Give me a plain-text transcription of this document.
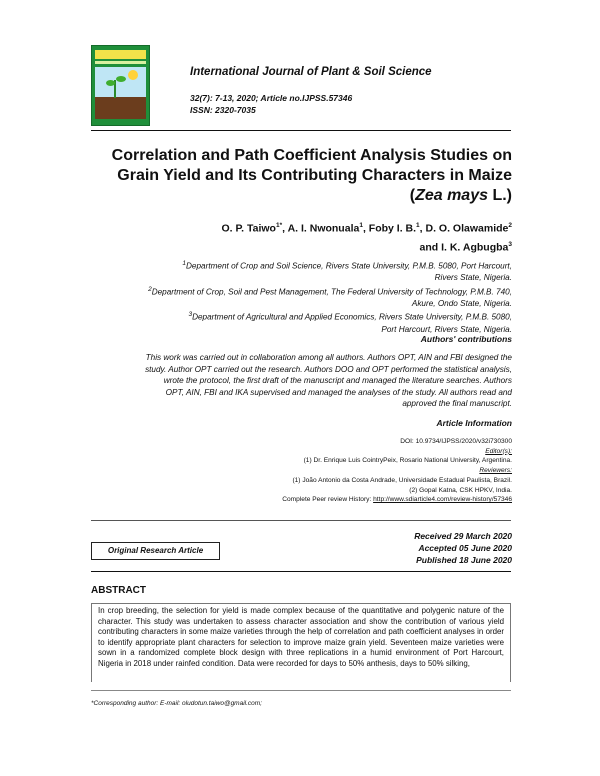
International Journal of Plant & Soil Science
32(7): 7-13, 2020; Article no.IJPSS.57346
ISSN: 2320-7035
Correlation and Path Coefficient Analysis Studies on
Grain Yield and Its Contributing Characters in Maize
(Zea mays L.)
O. P. Taiwo$^{1*}$, A. I. Nwonuala$^1$, Foby I. B.$^1$, D. O. Olawamide$^2$
and I. K. Agbugba$^3$
$^1$Department of Crop and Soil Science, Rivers State University, P.M.B. 5080, Port Harcourt,
Rivers State, Nigeria.
$^2$Department of Crop, Soil and Pest Management, The Federal University of Technology, P.M.B. 740,
Akure, Ondo State, Nigeria.
$^3$Department of Agricultural and Applied Economics, Rivers State University, P.M.B. 5080,
Port Harcourt, Rivers State, Nigeria.
Authors' contributions
This work was carried out in collaboration among all authors. Authors OPT, AIN and FBI designed the
study. Author OPT carried out the research. Authors DOO and OPT performed the statistical analysis,
wrote the protocol, the first draft of the manuscript and managed the literature searches. Authors
OPT, AIN, FBI and IKA supervised and managed the analyses of the study. All authors read and
approved the final manuscript.
Article Information
DOI: 10.9734/IJPSS/2020/v32i730300
Editor(s):
(1) Dr. Enrique Luis CointryPeix, Rosario National University, Argentina.
Reviewers:
(1) João Antonio da Costa Andrade, Universidade Estadual Paulista, Brazil.
(2) Gopal Katna, CSK HPKV, India.
Complete Peer review History: http://www.sdiarticle4.com/review-history/57346
Original Research Article
Received 29 March 2020
Accepted 05 June 2020
Published 18 June 2020
ABSTRACT
In crop breeding, the selection for yield is made complex because of the quantitative and polygenic nature of the character. This study was undertaken to assess character association and show the contribution of various yield contributing characters in some maize varieties through the help of correlation and path coefficient analyses in order to identify appropriate plant characters for selection to improve maize grain yield. Seventeen maize varieties were sown in a randomized complete block design with three replications in a humid environment of Port Harcourt, Nigeria in 2018 under rainfed condition. Data were recorded for days to 50% anthesis, days to 50% silking,
*Corresponding author: E-mail: oludotun.taiwo@gmail.com;
